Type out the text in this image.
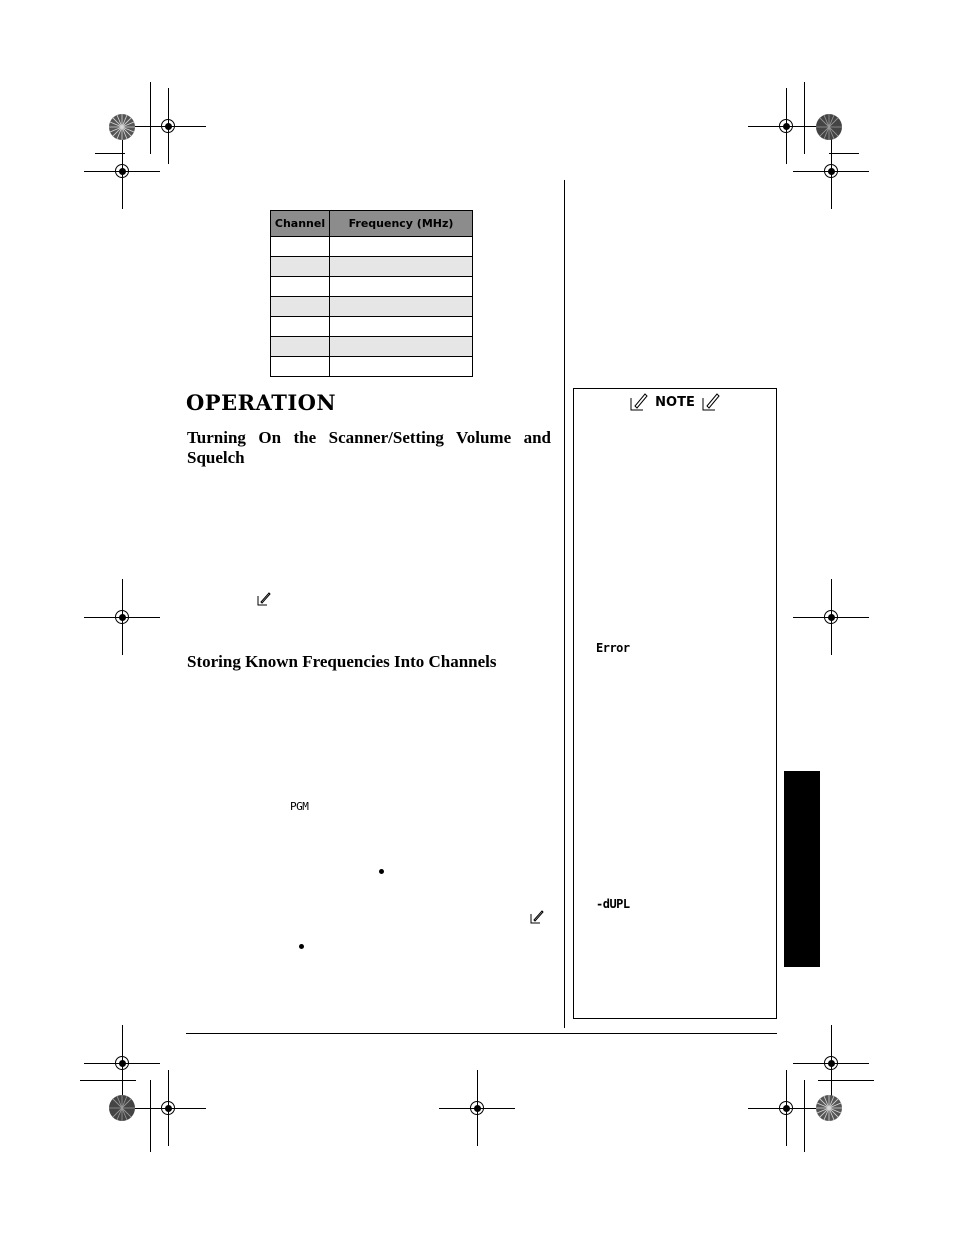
Channel	Frequency (MHz)

OPERATION
Turning On the Scanner/Setting Volume and Squelch
Storing Known Frequencies Into Channels
PGM
NOTE
Error
-dUPL
